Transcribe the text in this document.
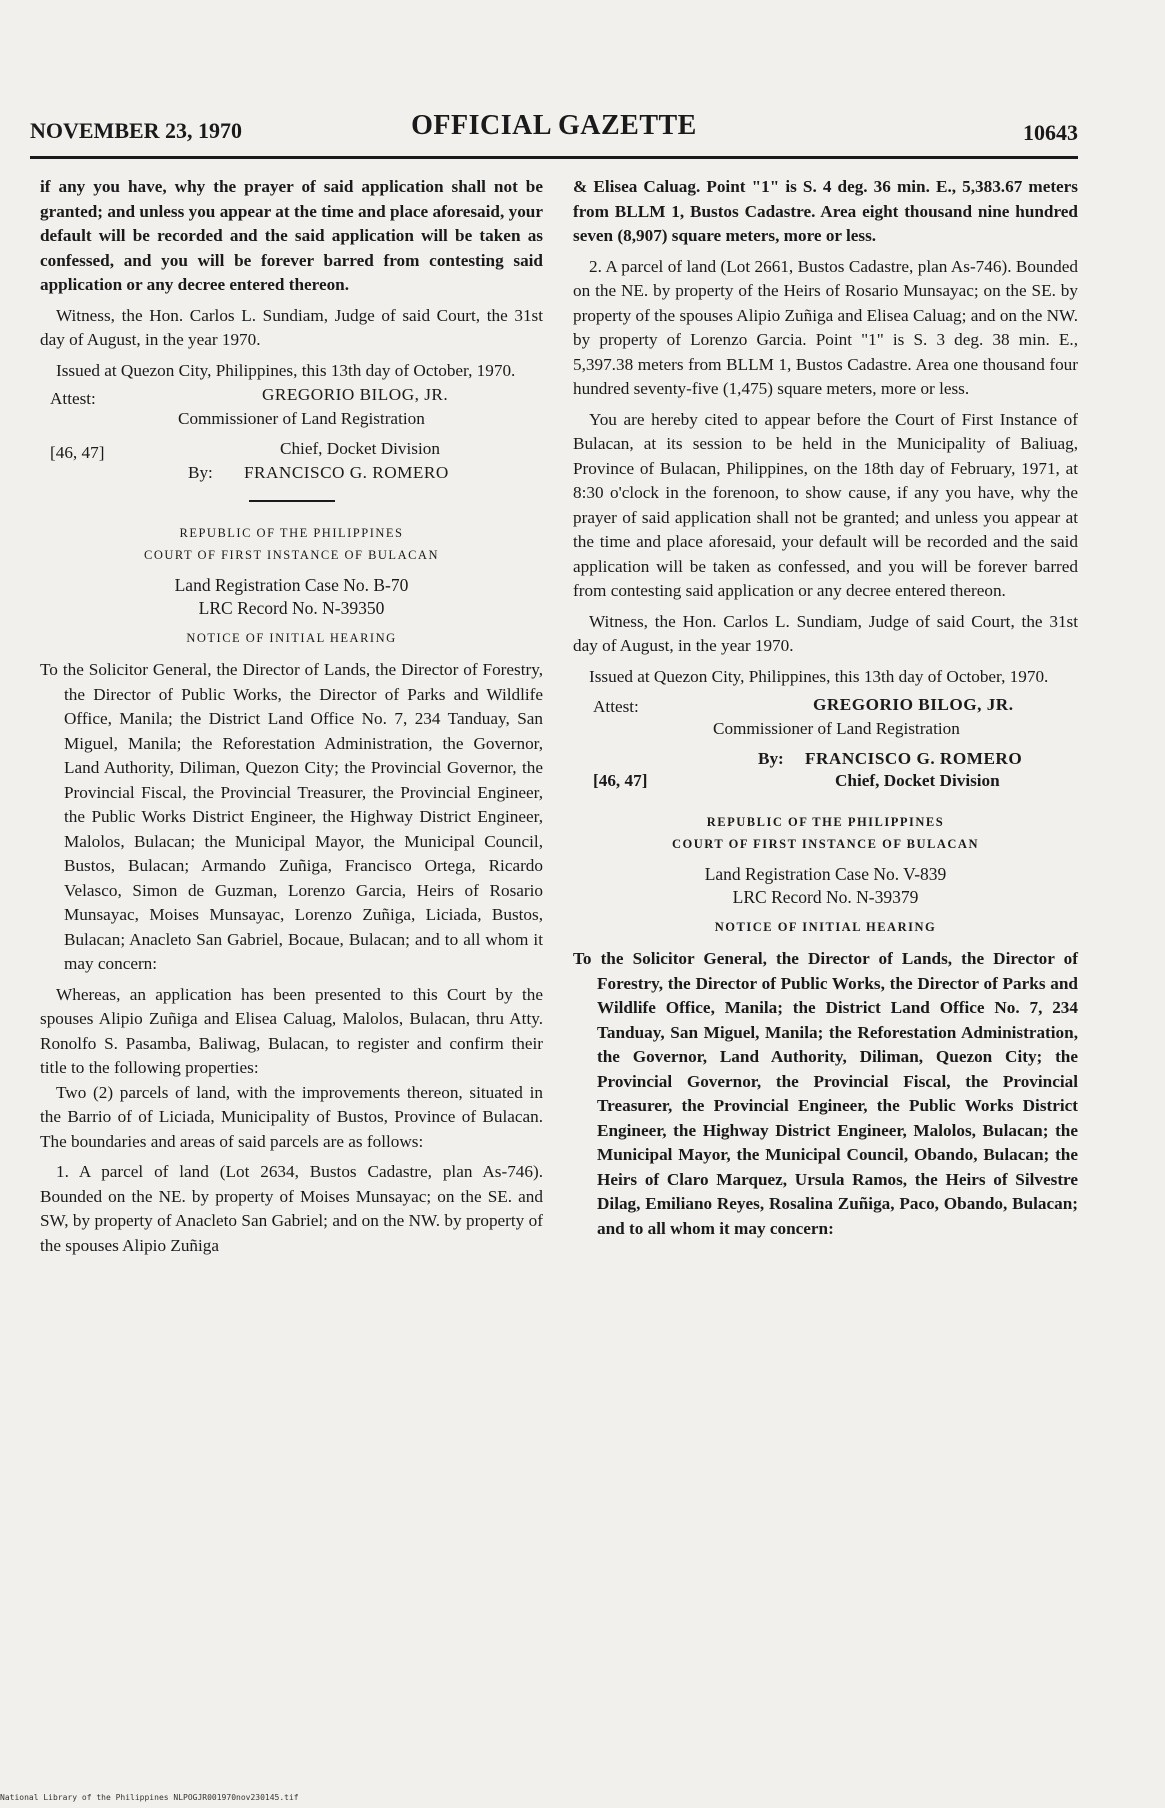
NOVEMBER 23, 1970	OFFICIAL GAZETTE	10643

if any you have, why the prayer of said application shall not be granted; and unless you appear at the time and place aforesaid, your default will be recorded and the said application will be taken as confessed, and you will be forever barred from contesting said application or any decree entered thereon.

Witness, the Hon. Carlos L. Sundiam, Judge of said Court, the 31st day of August, in the year 1970.

Issued at Quezon City, Philippines, this 13th day of October, 1970.

Attest:	GREGORIO BILOG, JR.
Commissioner of Land Registration
[46, 47]	Chief, Docket Division
By: FRANCISCO G. ROMERO
REPUBLIC OF THE PHILIPPINES
COURT OF FIRST INSTANCE OF BULACAN
Land Registration Case No. B-70
LRC Record No. N-39350
NOTICE OF INITIAL HEARING

To the Solicitor General, the Director of Lands, the Director of Forestry, the Director of Public Works, the Director of Parks and Wildlife Office, Manila; the District Land Office No. 7, 234 Tanduay, San Miguel, Manila; the Reforestation Administration, the Governor, Land Authority, Diliman, Quezon City; the Provincial Governor, the Provincial Fiscal, the Provincial Treasurer, the Provincial Engineer, the Public Works District Engineer, the Highway District Engineer, Malolos, Bulacan; the Municipal Mayor, the Municipal Council, Bustos, Bulacan; Armando Zuñiga, Francisco Ortega, Ricardo Velasco, Simon de Guzman, Lorenzo Garcia, Heirs of Rosario Munsayac, Moises Munsayac, Lorenzo Zuñiga, Liciada, Bustos, Bulacan; Anacleto San Gabriel, Bocaue, Bulacan; and to all whom it may concern:

Whereas, an application has been presented to this Court by the spouses Alipio Zuñiga and Elisea Caluag, Malolos, Bulacan, thru Atty. Ronolfo S. Pasamba, Baliwag, Bulacan, to register and confirm their title to the following properties:

Two (2) parcels of land, with the improvements thereon, situated in the Barrio of of Liciada, Municipality of Bustos, Province of Bulacan. The boundaries and areas of said parcels are as follows:

1. A parcel of land (Lot 2634, Bustos Cadastre, plan As-746). Bounded on the NE. by property of Moises Munsayac; on the SE. and SW, by property of Anacleto San Gabriel; and on the NW. by property of the spouses Alipio Zuñiga

& Elisea Caluag. Point "1" is S. 4 deg. 36 min. E., 5,383.67 meters from BLLM 1, Bustos Cadastre. Area eight thousand nine hundred seven (8,907) square meters, more or less.

2. A parcel of land (Lot 2661, Bustos Cadastre, plan As-746). Bounded on the NE. by property of the Heirs of Rosario Munsayac; on the SE. by property of the spouses Alipio Zuñiga and Elisea Caluag; and on the NW. by property of Lorenzo Garcia. Point "1" is S. 3 deg. 38 min. E., 5,397.38 meters from BLLM 1, Bustos Cadastre. Area one thousand four hundred seventy-five (1,475) square meters, more or less.

You are hereby cited to appear before the Court of First Instance of Bulacan, at its session to be held in the Municipality of Baliuag, Province of Bulacan, Philippines, on the 18th day of February, 1971, at 8:30 o'clock in the forenoon, to show cause, if any you have, why the prayer of said application shall not be granted; and unless you appear at the time and place aforesaid, your default will be recorded and the said application will be taken as confessed, and you will be forever barred from contesting said application or any decree entered thereon.

Witness, the Hon. Carlos L. Sundiam, Judge of said Court, the 31st day of August, in the year 1970.

Issued at Quezon City, Philippines, this 13th day of October, 1970.

Attest:	GREGORIO BILOG, JR.
Commissioner of Land Registration
By: FRANCISCO G. ROMERO
[46, 47]	Chief, Docket Division
REPUBLIC OF THE PHILIPPINES
COURT OF FIRST INSTANCE OF BULACAN
Land Registration Case No. V-839
LRC Record No. N-39379
NOTICE OF INITIAL HEARING

To the Solicitor General, the Director of Lands, the Director of Forestry, the Director of Public Works, the Director of Parks and Wildlife Office, Manila; the District Land Office No. 7, 234 Tanduay, San Miguel, Manila; the Reforestation Administration, the Governor, Land Authority, Diliman, Quezon City; the Provincial Governor, the Provincial Fiscal, the Provincial Treasurer, the Provincial Engineer, the Public Works District Engineer, the Highway District Engineer, Malolos, Bulacan; the Municipal Mayor, the Municipal Council, Obando, Bulacan; the Heirs of Claro Marquez, Ursula Ramos, the Heirs of Silvestre Dilag, Emiliano Reyes, Rosalina Zuñiga, Paco, Obando, Bulacan; and to all whom it may concern:

National Library of the Philippines NLPOGJR001970nov230145.tif
